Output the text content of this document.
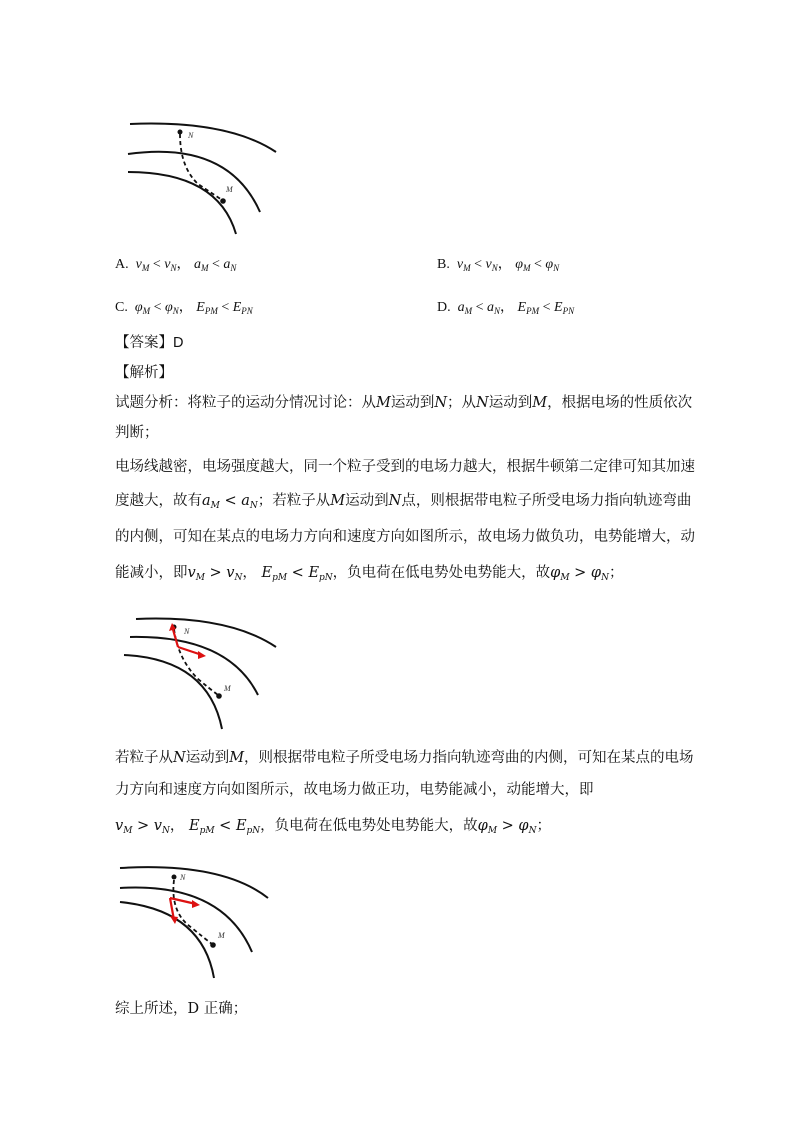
N
M
A. $v_M < v_N$， $a_M < a_N$	B. $v_M < v_N$， $\varphi_M < \varphi_N$
C. $\varphi_M < \varphi_N$， $E_{PM} < E_{PN}$	D. $a_M < a_N$， $E_{PM} < E_{PN}$
【答案】D
【解析】
试题分析：将粒子的运动分情况讨论：从M运动到N；从N运动到M，根据电场的性质依次
判断；
电场线越密，电场强度越大，同一个粒子受到的电场力越大，根据牛顿第二定律可知其加速
度越大，故有$a_M < a_N$；若粒子从M运动到N点，则根据带电粒子所受电场力指向轨迹弯曲
的内侧，可知在某点的电场力方向和速度方向如图所示，故电场力做负功，电势能增大，动
能减小，即$v_M > v_N$， $E_{pM} < E_{pN}$，负电荷在低电势处电势能大，故$\varphi_M > \varphi_N$；
N
M
若粒子从N运动到M，则根据带电粒子所受电场力指向轨迹弯曲的内侧，可知在某点的电场
力方向和速度方向如图所示，故电场力做正功，电势能减小，动能增大，即
$v_M > v_N$， $E_{pM} < E_{pN}$，负电荷在低电势处电势能大，故$\varphi_M > \varphi_N$；
N
M
综上所述，D 正确；
